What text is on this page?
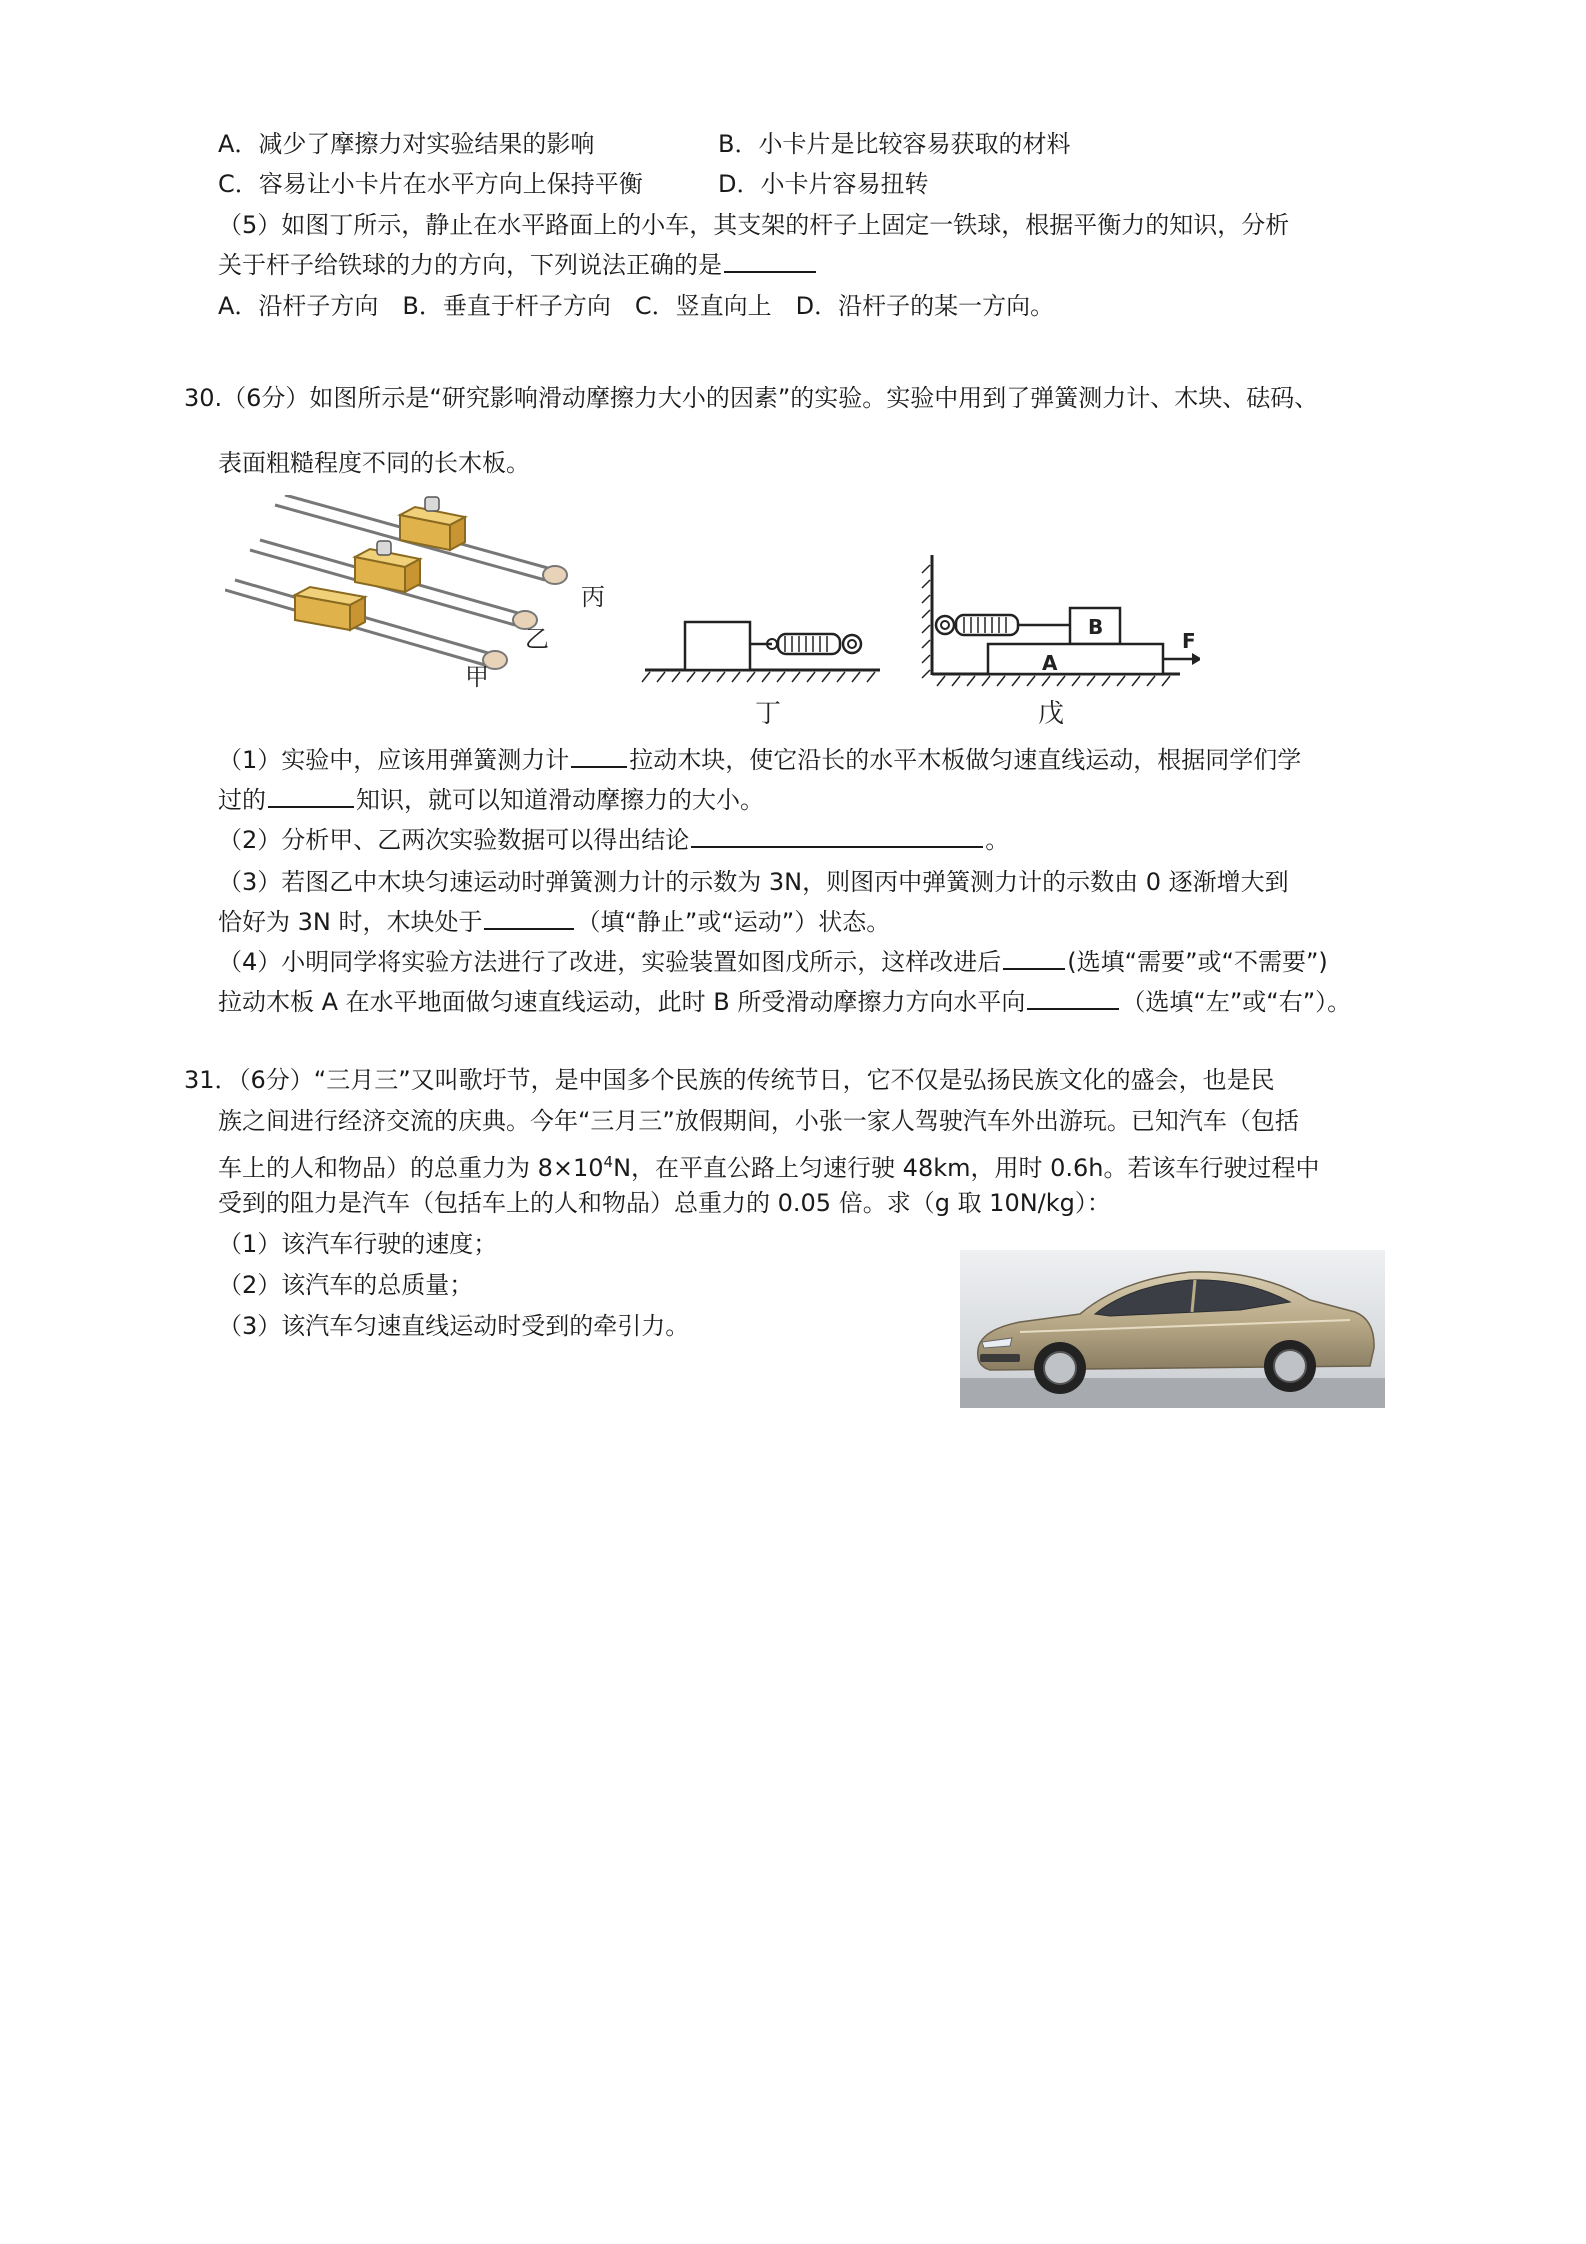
A．减少了摩擦力对实验结果的影响	B．小卡片是比较容易获取的材料
C．容易让小卡片在水平方向上保持平衡	D．小卡片容易扭转
（5）如图丁所示，静止在水平路面上的小车，其支架的杆子上固定一铁球，根据平衡力的知识，分析
关于杆子给铁球的力的方向，下列说法正确的是
A．沿杆子方向　B．垂直于杆子方向　C．竖直向上　D．沿杆子的某一方向。
30.（6分）如图所示是“研究影响滑动摩擦力大小的因素”的实验。实验中用到了弹簧测力计、木块、砝码、
表面粗糙程度不同的长木板。
丙
乙
甲
丁
B
A
F
戊
（1）实验中，应该用弹簧测力计	拉动木块，使它沿长的水平木板做匀速直线运动，根据同学们学
过的	知识，就可以知道滑动摩擦力的大小。
（2）分析甲、乙两次实验数据可以得出结论	。
（3）若图乙中木块匀速运动时弹簧测力计的示数为 3N，则图丙中弹簧测力计的示数由 0 逐渐增大到
恰好为 3N 时，木块处于	（填“静止”或“运动”）状态。
（4）小明同学将实验方法进行了改进，实验装置如图戊所示，这样改进后	(选填“需要”或“不需要”)
拉动木板 A 在水平地面做匀速直线运动，此时 B 所受滑动摩擦力方向水平向	（选填“左”或“右”）。
31．（6分）“三月三”又叫歌圩节，是中国多个民族的传统节日，它不仅是弘扬民族文化的盛会，也是民
族之间进行经济交流的庆典。今年“三月三”放假期间，小张一家人驾驶汽车外出游玩。已知汽车（包括
车上的人和物品）的总重力为 $8\times 10^4N$，在平直公路上匀速行驶 48km，用时 0.6h。若该车行驶过程中
受到的阻力是汽车（包括车上的人和物品）总重力的 0.05 倍。求（g 取 10N/kg）：
（1）该汽车行驶的速度；
（2）该汽车的总质量；
（3）该汽车匀速直线运动时受到的牵引力。
